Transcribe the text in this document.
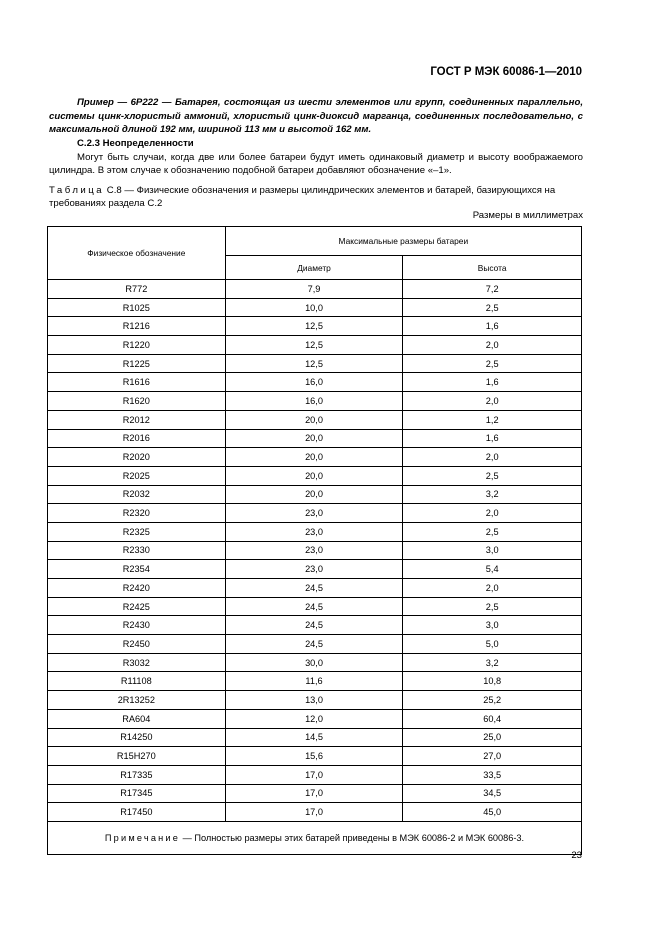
ГОСТ Р МЭК 60086-1—2010
Пример — 6Р222 — Батарея, состоящая из шести элементов или групп, соединенных параллельно, системы цинк-хлористый аммоний, хлористый цинк-диоксид марганца, соединенных последовательно, с максимальной длиной 192 мм, шириной 113 мм и высотой 162 мм.
С.2.3 Неопределенности
Могут быть случаи, когда две или более батареи будут иметь одинаковый диаметр и высоту воображаемого цилиндра. В этом случае к обозначению подобной батареи добавляют обозначение «–1».
Таблица С.8 — Физические обозначения и размеры цилиндрических элементов и батарей, базирующихся на требованиях раздела С.2
Размеры в миллиметрах
Физическое обозначение	Максимальные размеры батареи	
	Диаметр	Высота
R772	7,9	7,2
R1025	10,0	2,5
R1216	12,5	1,6
R1220	12,5	2,0
R1225	12,5	2,5
R1616	16,0	1,6
R1620	16,0	2,0
R2012	20,0	1,2
R2016	20,0	1,6
R2020	20,0	2,0
R2025	20,0	2,5
R2032	20,0	3,2
R2320	23,0	2,0
R2325	23,0	2,5
R2330	23,0	3,0
R2354	23,0	5,4
R2420	24,5	2,0
R2425	24,5	2,5
R2430	24,5	3,0
R2450	24,5	5,0
R3032	30,0	3,2
R11108	11,6	10,8
2R13252	13,0	25,2
RA604	12,0	60,4
R14250	14,5	25,0
R15H270	15,6	27,0
R17335	17,0	33,5
R17345	17,0	34,5
R17450	17,0	45,0
Примечание — Полностью размеры этих батарей приведены в МЭК 60086-2 и МЭК 60086-3.		
23
